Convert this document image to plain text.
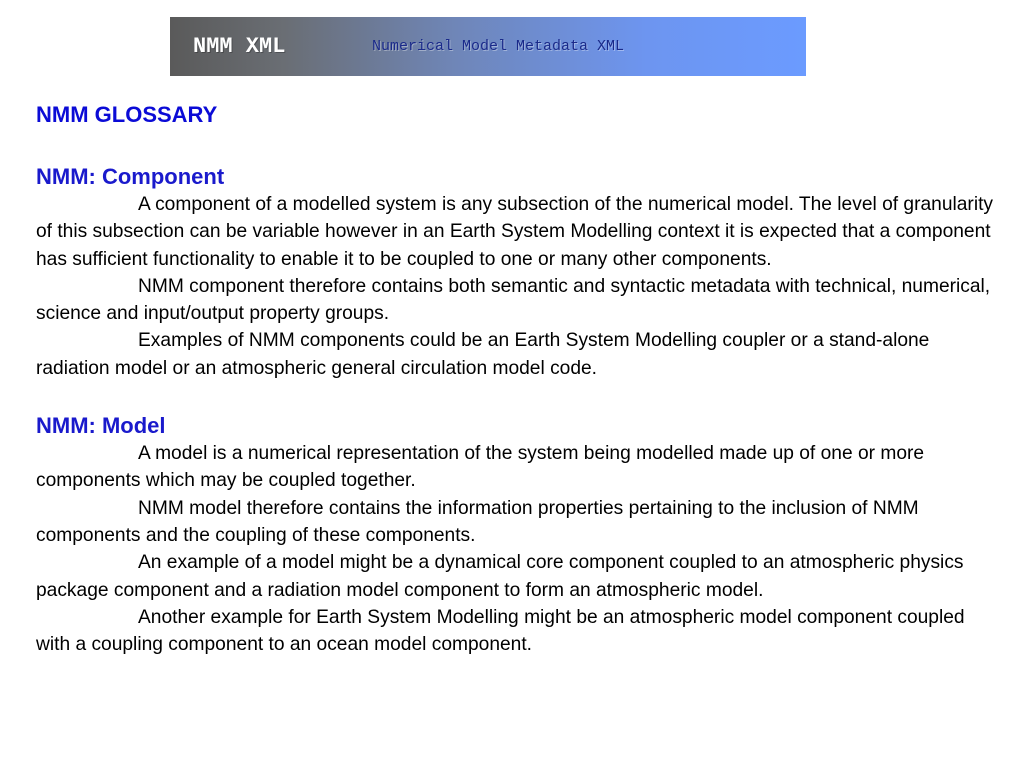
NMM XML	Numerical Model Metadata XML
NMM GLOSSARY
NMM: Component

A component of a modelled system is any subsection of the numerical model. The level of granularity of this subsection can be variable however in an Earth System Modelling context it is expected that a component has sufficient functionality to enable it to be coupled to one or many other components.

NMM component therefore contains both semantic and syntactic metadata with technical, numerical, science and input/output property groups.

Examples of NMM components could be an Earth System Modelling coupler or a stand-alone radiation model or an atmospheric general circulation model code.

NMM: Model

A model is a numerical representation of the system being modelled made up of one or more components which may be coupled together.

NMM model therefore contains the information properties pertaining to the inclusion of NMM components and the coupling of these components.

An example of a model might be a dynamical core component coupled to an atmospheric physics package component and a radiation model component to form an atmospheric model.

Another example for Earth System Modelling might be an atmospheric model component coupled with a coupling component to an ocean model component.
